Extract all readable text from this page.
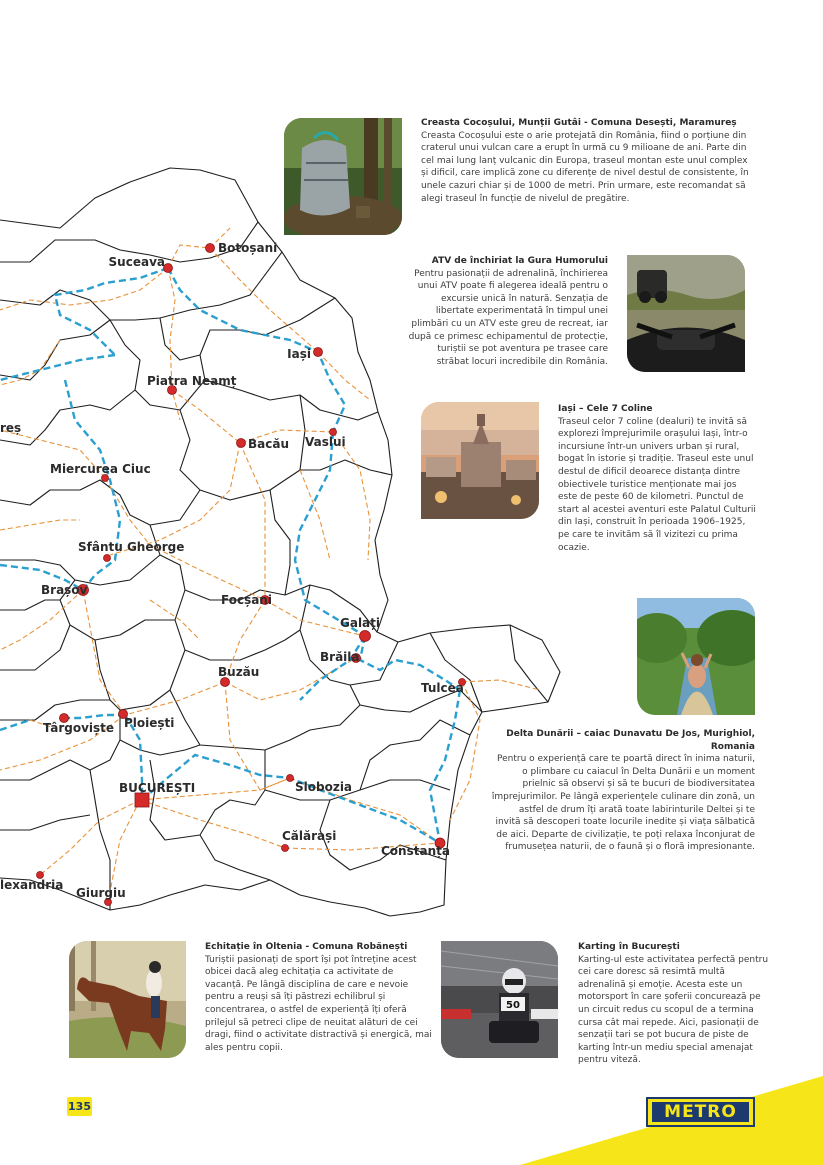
Botoșani
Suceava
Iași
Piatra Neamț
Bacău Vaslui
reș
Miercurea Ciuc
Sfântu Gheorge
Brașov
Focșani
Galați
Brăila
Buzău
Tulcea
Târgoviște Ploiești
BUCUREȘTI	Slobozia
Călărași
Constanța
lexandria
Giurgiu
Creasta Cocoșului, Munții Gutâi - Comuna Desești, Maramureș
Creasta Cocoșului este o arie protejată din România, fiind o porțiune din craterul unui vulcan care a erupt în urmă cu 9 milioane de ani. Parte din cel mai lung lanț vulcanic din Europa, traseul montan este unul complex și dificil, care implică zone cu diferențe de nivel destul de consistente, în unele cazuri chiar și de 1000 de metri. Prin urmare, este recomandat să alegi traseul în funcție de nivelul de pregătire.
ATV de închiriat la Gura Humorului
Pentru pasionații de adrenalină, închirierea unui ATV poate fi alegerea ideală pentru o excursie unică în natură. Senzația de libertate experimentată în timpul unei plimbări cu un ATV este greu de recreat, iar după ce primesc echipamentul de protecție, turiștii se pot aventura pe trasee care străbat locuri incredibile din România.
Iași – Cele 7 Coline
Traseul celor 7 coline (dealuri) te invită să explorezi împrejurimile orașului Iași, într-o incursiune într-un univers urban și rural, bogat în istorie și tradiție. Traseul este unul destul de dificil deoarece distanța dintre obiectivele turistice menționate mai jos este de peste 60 de kilometri. Punctul de start al acestei aventuri este Palatul Culturii din Iași, construit în perioada 1906–1925, pe care te invităm să îl vizitezi cu prima ocazie.
Delta Dunării – caiac Dunavatu De Jos, Murighiol, Romania
Pentru o experiență care te poartă direct în inima naturii, o plimbare cu caiacul în Delta Dunării e un moment prielnic să observi și să te bucuri de biodiversitatea împrejurimilor. Pe lângă experiențele culinare din zonă, un astfel de drum îți arată toate labirinturile Deltei și te invită să descoperi toate locurile inedite și viața sălbatică de aici. Departe de civilizație, te poți relaxa înconjurat de frumusețea naturii, de o faună și o floră impresionante.
Echitație în Oltenia - Comuna Robănești
Turiștii pasionați de sport își pot întreține acest obicei dacă aleg echitația ca activitate de vacanță. Pe lângă disciplina de care e nevoie pentru a reuși să îți păstrezi echilibrul și concentrarea, o astfel de experiență îți oferă prilejul să petreci clipe de neuitat alături de cei dragi, fiind o activitate distractivă și energică, mai ales pentru copii.
Karting în București
Karting-ul este activitatea perfectă pentru cei care doresc să resimtă multă adrenalină și emoție. Acesta este un motorsport în care șoferii concurează pe un circuit redus cu scopul de a termina cursa cât mai repede. Aici, pasionații de senzații tari se pot bucura de piste de karting într-un mediu special amenajat pentru viteză.
50
135	METRO
